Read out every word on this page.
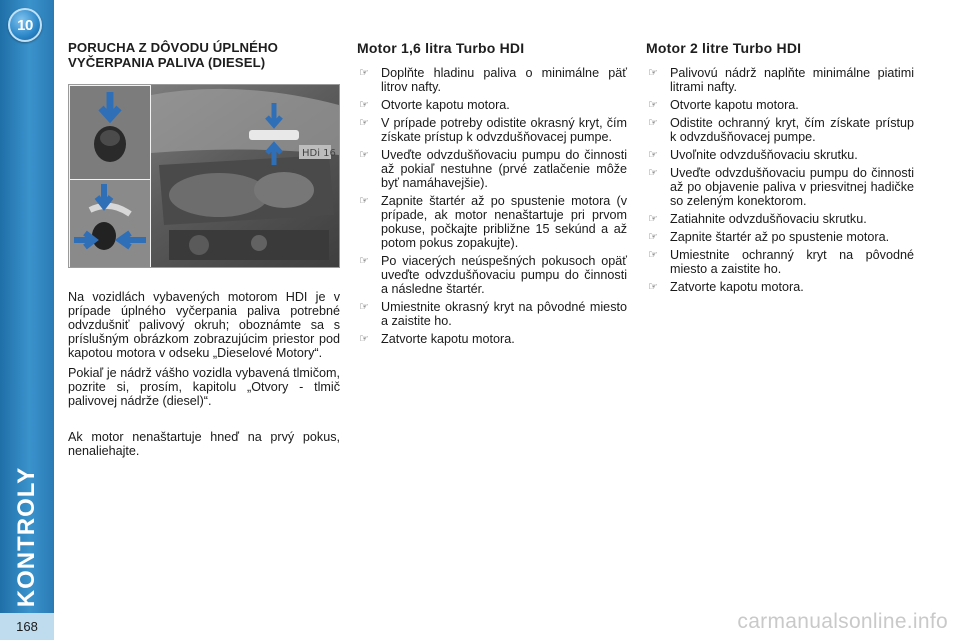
10
KONTROLY
168
PORUCHA Z DÔVODU ÚPLNÉHO
VYČERPANIA PALIVA (DIESEL)
HDi 16

Na vozidlách vybavených motorom HDI je v prípade úplného vyčerpania paliva potrebné odvzdušniť palivový okruh; oboznámte sa s príslušným obrázkom zobrazujúcim priestor pod kapotou motora v odseku „Dieselové Motory“.

Pokiaľ je nádrž vášho vozidla vybavená tlmičom, pozrite si, prosím, kapitolu „Otvory - tlmič palivovej nádrže (diesel)“.

Ak motor nenaštartuje hneď na prvý pokus, nenaliehajte.

Motor 1,6 litra Turbo HDI
☞ Doplňte hladinu paliva o minimálne päť litrov nafty.
☞ Otvorte kapotu motora.
☞ V prípade potreby odistite okrasný kryt, čím získate prístup k odvzdušňovacej pumpe.
☞ Uveďte odvzdušňovaciu pumpu do činnosti až pokiaľ nestuhne (prvé zatlačenie môže byť namáhavejšie).
☞ Zapnite štartér až po spustenie motora (v prípade, ak motor nenaštartuje pri prvom pokuse, počkajte približne 15 sekúnd a až potom pokus zopakujte).
☞ Po viacerých neúspešných pokusoch opäť uveďte odvzdušňovaciu pumpu do činnosti a následne štartér.
☞ Umiestnite okrasný kryt na pôvodné miesto a zaistite ho.
☞ Zatvorte kapotu motora.
Motor 2 litre Turbo HDI
☞ Palivovú nádrž naplňte minimálne piatimi litrami nafty.
☞ Otvorte kapotu motora.
☞ Odistite ochranný kryt, čím získate prístup k odvzdušňovacej pumpe.
☞ Uvoľnite odvzdušňovaciu skrutku.
☞ Uveďte odvzdušňovaciu pumpu do činnosti až po objavenie paliva v priesvitnej hadičke so zeleným konektorom.
☞ Zatiahnite odvzdušňovaciu skrutku.
☞ Zapnite štartér až po spustenie motora.
☞ Umiestnite ochranný kryt na pôvodné miesto a zaistite ho.
☞ Zatvorte kapotu motora.
carmanualsonline.info
